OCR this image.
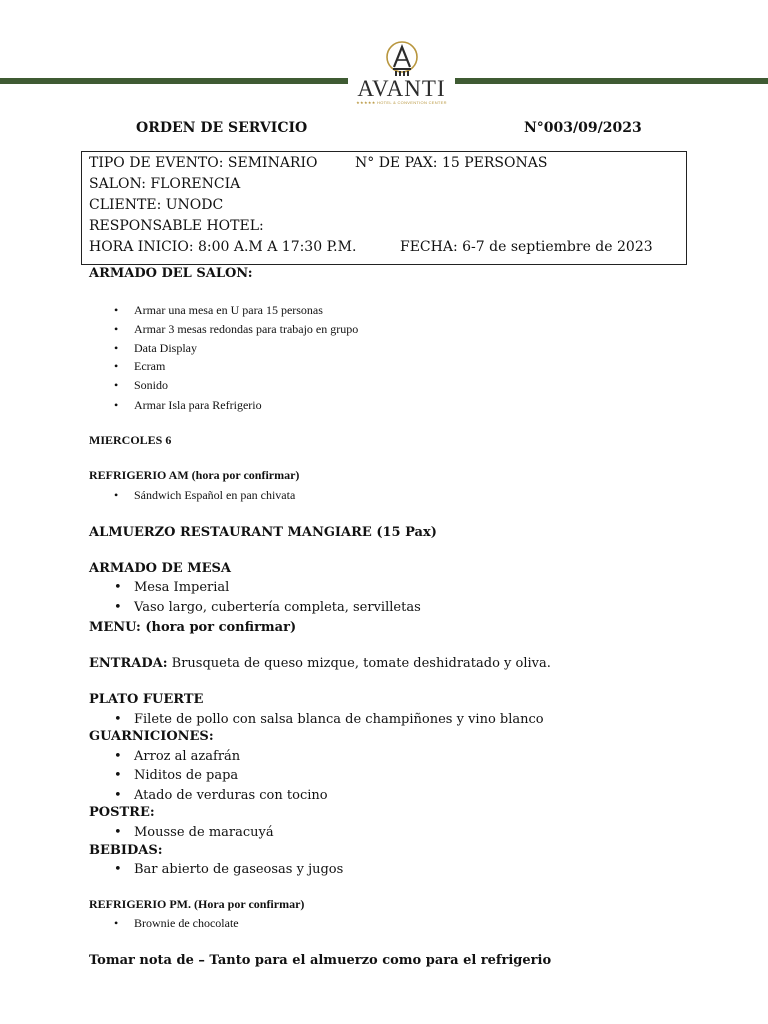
AVANTI
★★★★★ HOTEL & CONVENTION CENTER
ORDEN DE SERVICIO	N°003/09/2023
TIPO DE EVENTO: SEMINARIO	N° DE PAX: 15 PERSONAS
SALON: FLORENCIA
CLIENTE: UNODC
RESPONSABLE HOTEL:
HORA INICIO: 8:00 A.M A 17:30 P.M.	FECHA: 6-7 de septiembre de 2023
ARMADO DEL SALON:
• Armar una mesa en U para 15 personas
• Armar 3 mesas redondas para trabajo en grupo
• Data Display
• Ecram
• Sonido
• Armar Isla para Refrigerio
MIERCOLES 6
REFRIGERIO AM (hora por confirmar)
• Sándwich Español en pan chivata
ALMUERZO RESTAURANT MANGIARE (15 Pax)
ARMADO DE MESA
• Mesa Imperial
• Vaso largo, cubertería completa, servilletas
MENU: (hora por confirmar)
ENTRADA: Brusqueta de queso mizque, tomate deshidratado y oliva.
PLATO FUERTE
• Filete de pollo con salsa blanca de champiñones y vino blanco
GUARNICIONES:
• Arroz al azafrán
• Niditos de papa
• Atado de verduras con tocino
POSTRE:
• Mousse de maracuyá
BEBIDAS:
• Bar abierto de gaseosas y jugos
REFRIGERIO PM. (Hora por confirmar)
• Brownie de chocolate
Tomar nota de – Tanto para el almuerzo como para el refrigerio
